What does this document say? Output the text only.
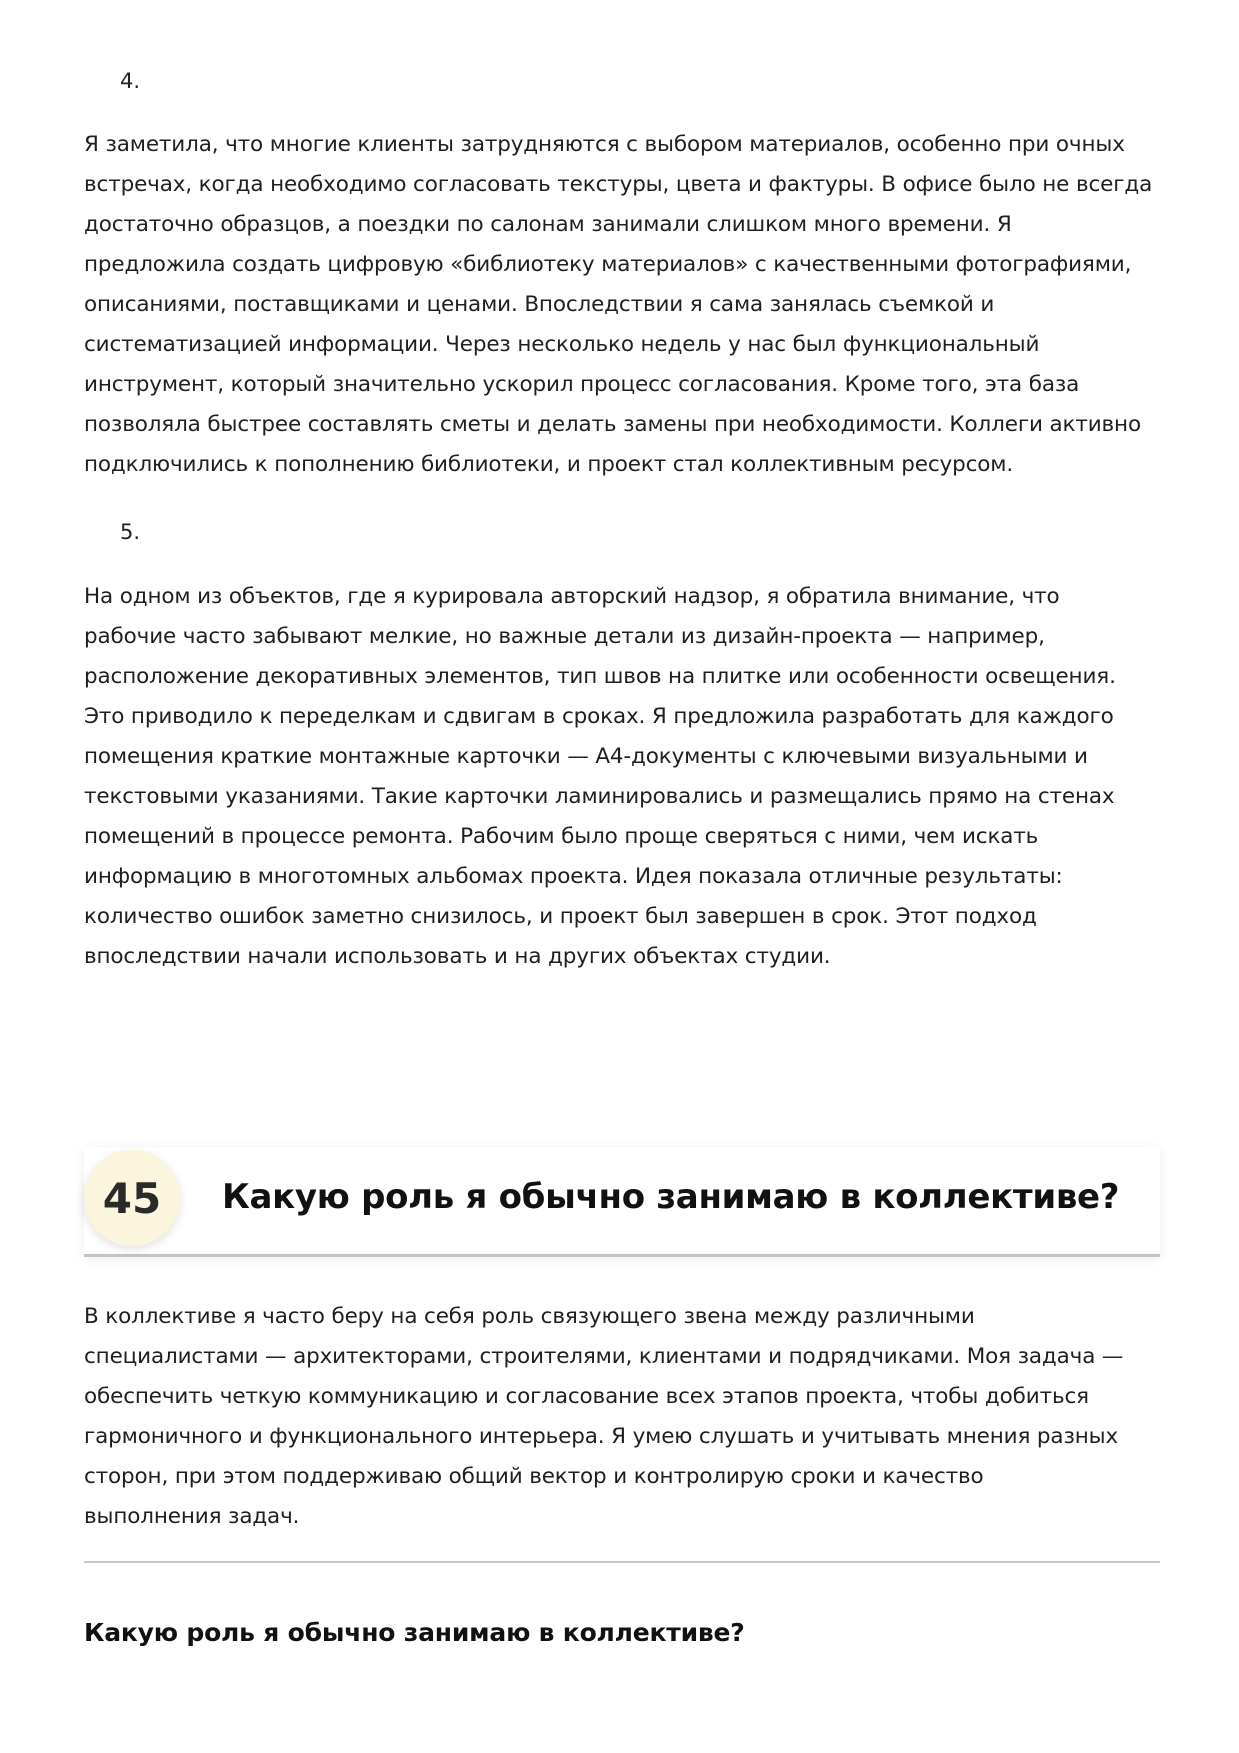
4.
Я заметила, что многие клиенты затрудняются с выбором материалов, особенно при очных
встречах, когда необходимо согласовать текстуры, цвета и фактуры. В офисе было не всегда
достаточно образцов, а поездки по салонам занимали слишком много времени. Я
предложила создать цифровую «библиотеку материалов» с качественными фотографиями,
описаниями, поставщиками и ценами. Впоследствии я сама занялась съемкой и
систематизацией информации. Через несколько недель у нас был функциональный
инструмент, который значительно ускорил процесс согласования. Кроме того, эта база
позволяла быстрее составлять сметы и делать замены при необходимости. Коллеги активно
подключились к пополнению библиотеки, и проект стал коллективным ресурсом.
5.
На одном из объектов, где я курировала авторский надзор, я обратила внимание, что
рабочие часто забывают мелкие, но важные детали из дизайн-проекта — например,
расположение декоративных элементов, тип швов на плитке или особенности освещения.
Это приводило к переделкам и сдвигам в сроках. Я предложила разработать для каждого
помещения краткие монтажные карточки — А4-документы с ключевыми визуальными и
текстовыми указаниями. Такие карточки ламинировались и размещались прямо на стенах
помещений в процессе ремонта. Рабочим было проще сверяться с ними, чем искать
информацию в многотомных альбомах проекта. Идея показала отличные результаты:
количество ошибок заметно снизилось, и проект был завершен в срок. Этот подход
впоследствии начали использовать и на других объектах студии.
45	Какую роль я обычно занимаю в коллективе?
В коллективе я часто беру на себя роль связующего звена между различными
специалистами — архитекторами, строителями, клиентами и подрядчиками. Моя задача —
обеспечить четкую коммуникацию и согласование всех этапов проекта, чтобы добиться
гармоничного и функционального интерьера. Я умею слушать и учитывать мнения разных
сторон, при этом поддерживаю общий вектор и контролирую сроки и качество
выполнения задач.
Какую роль я обычно занимаю в коллективе?
